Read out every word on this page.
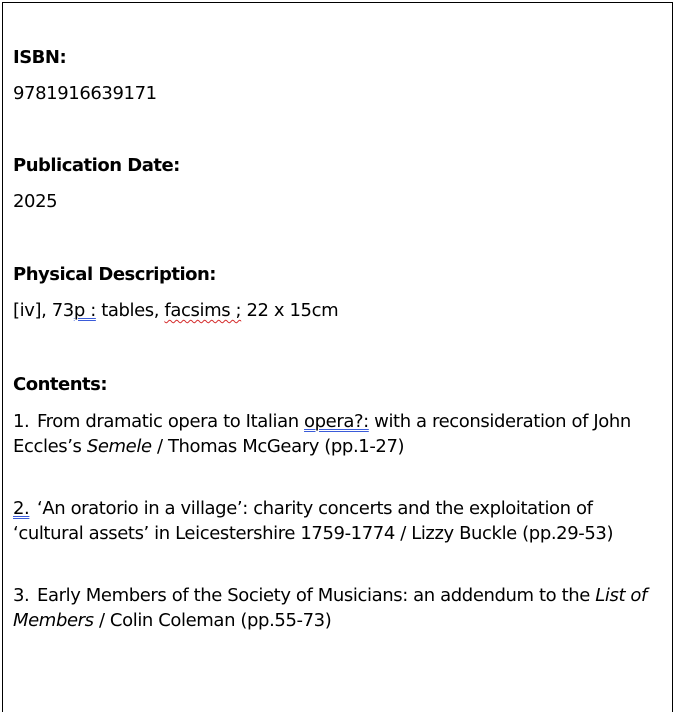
ISBN:
9781916639171
Publication Date:
2025
Physical Description:
[iv], 73p : tables, facsims ; 22 x 15cm
Contents:
1. From dramatic opera to Italian opera?: with a reconsideration of John Eccles’s Semele / Thomas McGeary (pp.1-27)
2. ‘An oratorio in a village’: charity concerts and the exploitation of ‘cultural assets’ in Leicestershire 1759-1774 / Lizzy Buckle (pp.29-53)
3. Early Members of the Society of Musicians: an addendum to the List of Members / Colin Coleman (pp.55-73)
